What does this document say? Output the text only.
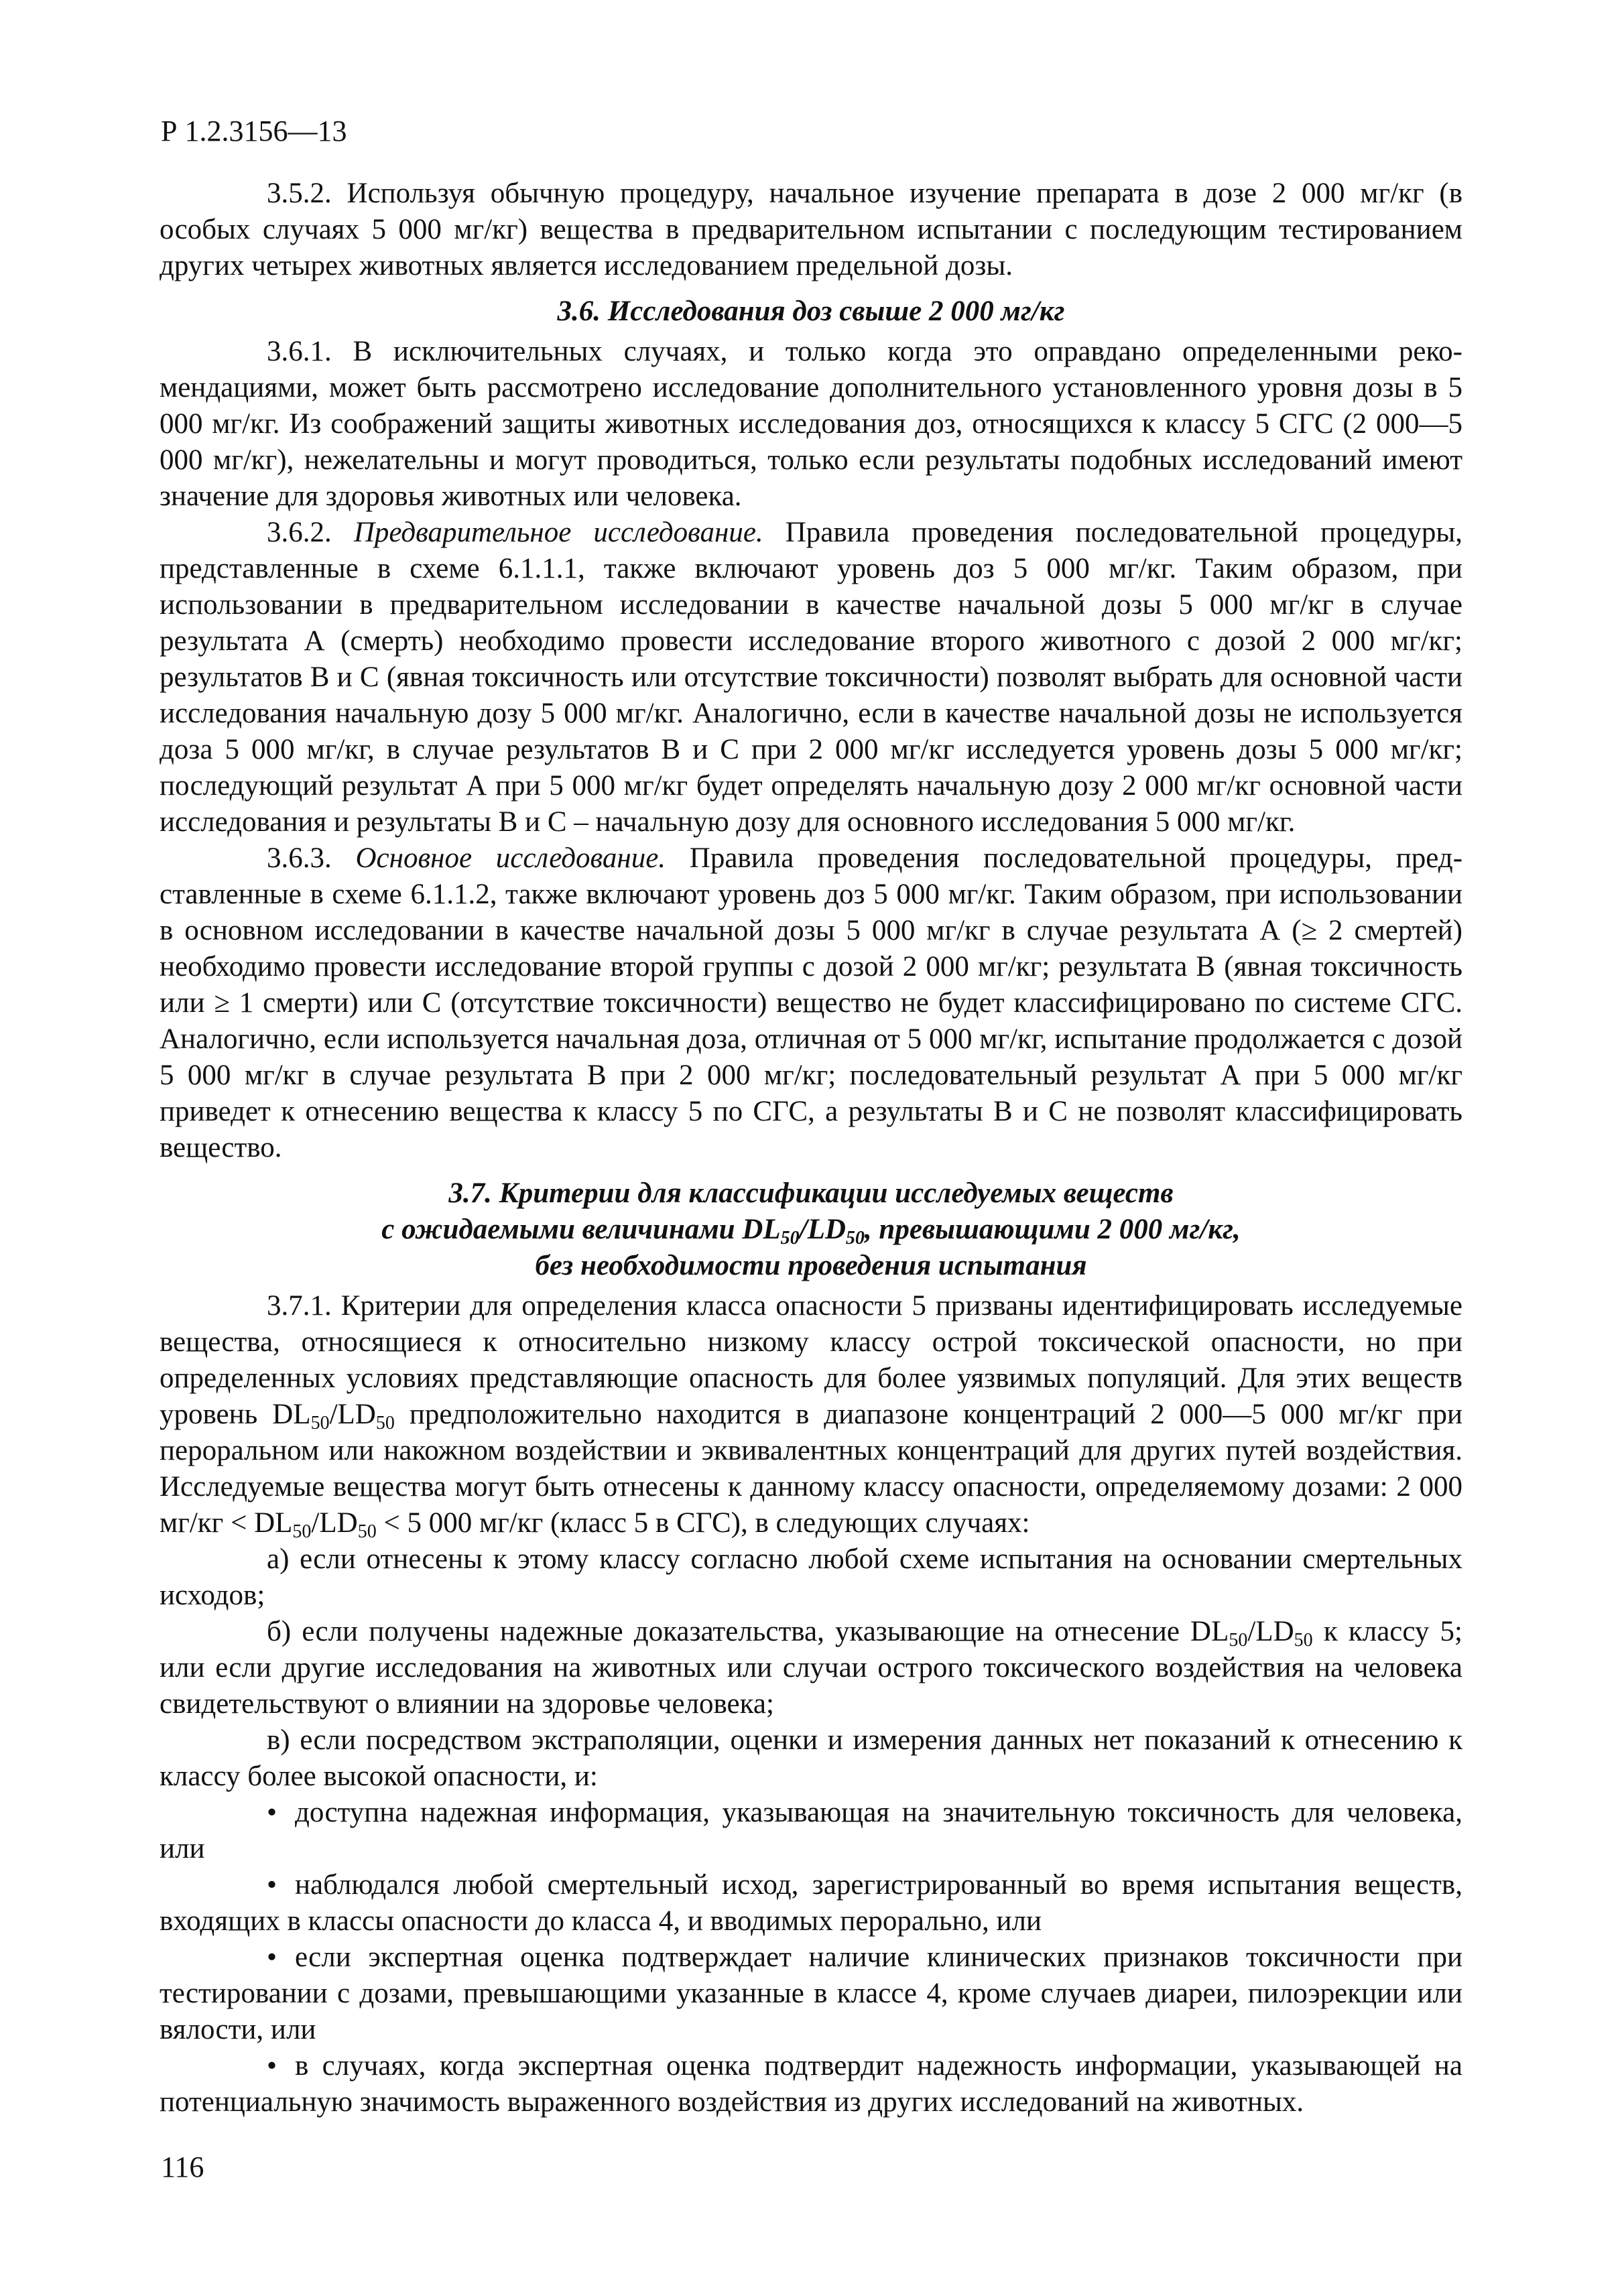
Р 1.2.3156—13

3.5.2. Используя обычную процедуру, начальное изучение препарата в дозе 2 000 мг/кг (в особых случаях 5 000 мг/кг) вещества в предварительном испытании с последующим тестированием других четырех животных является исследованием предельной дозы.

3.6. Исследования доз свыше 2 000 мг/кг

3.6.1. В исключительных случаях, и только когда это оправдано определенными рекомендациями, может быть рассмотрено исследование дополнительного установленного уровня дозы в 5 000 мг/кг. Из соображений защиты животных исследования доз, относящихся к классу 5 СГС (2 000—5 000 мг/кг), нежелательны и могут проводиться, только если результаты подобных исследований имеют значение для здоровья животных или человека.

3.6.2. Предварительное исследование. Правила проведения последовательной процедуры, представленные в схеме 6.1.1.1, также включают уровень доз 5 000 мг/кг. Таким образом, при использовании в предварительном исследовании в качестве начальной дозы 5 000 мг/кг в случае результата А (смерть) необходимо провести исследование второго животного с дозой 2 000 мг/кг; результатов В и С (явная токсичность или отсутствие токсичности) позволят выбрать для основной части исследования начальную дозу 5 000 мг/кг. Аналогично, если в качестве начальной дозы не используется доза 5 000 мг/кг, в случае результатов В и С при 2 000 мг/кг исследуется уровень дозы 5 000 мг/кг; последующий результат А при 5 000 мг/кг будет определять начальную дозу 2 000 мг/кг основной части исследования и результаты В и С – начальную дозу для основного исследования 5 000 мг/кг.

3.6.3. Основное исследование. Правила проведения последовательной процедуры, представленные в схеме 6.1.1.2, также включают уровень доз 5 000 мг/кг. Таким образом, при использовании в основном исследовании в качестве начальной дозы 5 000 мг/кг в случае результата А (≥ 2 смертей) необходимо провести исследование второй группы с дозой 2 000 мг/кг; результата В (явная токсичность или ≥ 1 смерти) или С (отсутствие токсичности) вещество не будет классифицировано по системе СГС. Аналогично, если используется начальная доза, отличная от 5 000 мг/кг, испытание продолжается с дозой 5 000 мг/кг в случае результата В при 2 000 мг/кг; последовательный результат А при 5 000 мг/кг приведет к отнесению вещества к классу 5 по СГС, а результаты В и С не позволят классифицировать вещество.

3.7. Критерии для классификации исследуемых веществ
с ожидаемыми величинами $DL_{50}/LD_{50}$, превышающими 2 000 мг/кг,
без необходимости проведения испытания

3.7.1. Критерии для определения класса опасности 5 призваны идентифицировать исследуемые вещества, относящиеся к относительно низкому классу острой токсической опасности, но при определенных условиях представляющие опасность для более уязвимых популяций. Для этих веществ уровень $DL_{50}/LD_{50}$ предположительно находится в диапазоне концентраций 2 000—5 000 мг/кг при пероральном или накожном воздействии и эквивалентных концентраций для других путей воздействия. Исследуемые вещества могут быть отнесены к данному классу опасности, определяемому дозами: 2 000 $мг/кг < DL_{50}/LD_{50} < 5$ 000 мг/кг (класс 5 в СГС), в следующих случаях:

а) если отнесены к этому классу согласно любой схеме испытания на основании смертельных исходов;

б) если получены надежные доказательства, указывающие на отнесение $DL_{50}/LD_{50}$ к классу 5; или если другие исследования на животных или случаи острого токсического воздействия на человека свидетельствуют о влиянии на здоровье человека;

в) если посредством экстраполяции, оценки и измерения данных нет показаний к отнесению к классу более высокой опасности, и:

• доступна надежная информация, указывающая на значительную токсичность для человека, или

• наблюдался любой смертельный исход, зарегистрированный во время испытания веществ, входящих в классы опасности до класса 4, и вводимых перорально, или

• если экспертная оценка подтверждает наличие клинических признаков токсичности при тестировании с дозами, превышающими указанные в классе 4, кроме случаев диареи, пилоэрекции или вялости, или

• в случаях, когда экспертная оценка подтвердит надежность информации, указывающей на потенциальную значимость выраженного воздействия из других исследований на животных.

116
